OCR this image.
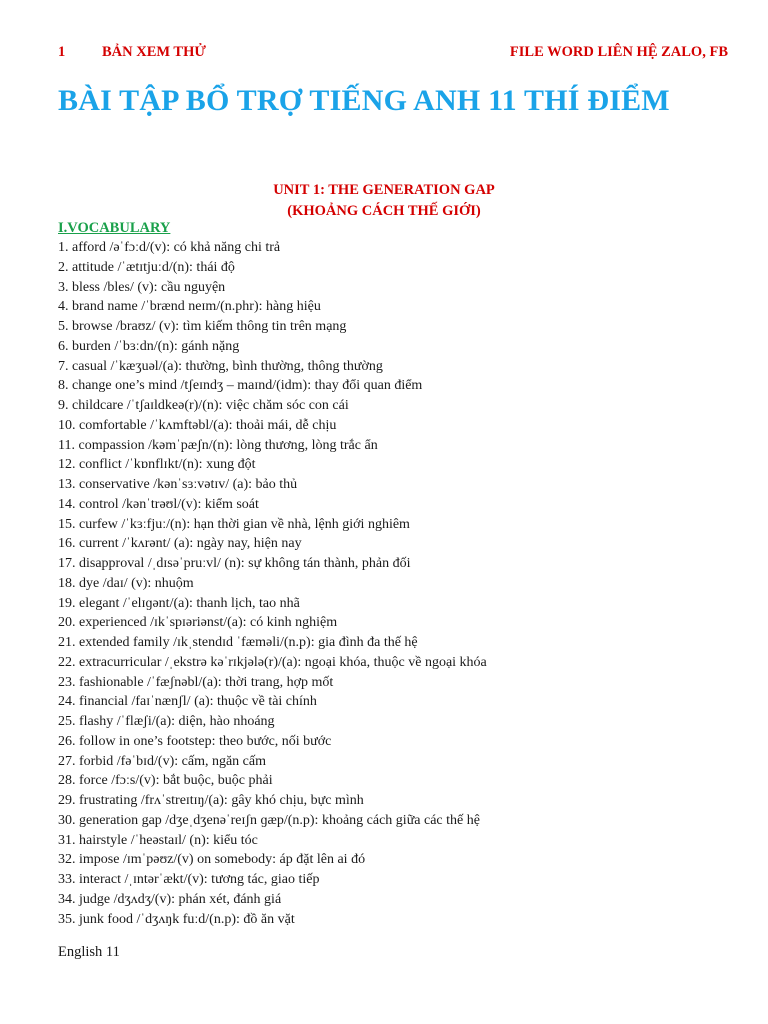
1	BẢN XEM THỬ	FILE WORD LIÊN HỆ ZALO, FB
BÀI TẬP BỔ TRỢ TIẾNG ANH 11 THÍ ĐIỂM
UNIT 1: THE GENERATION GAP
(KHOẢNG CÁCH THẾ GIỚI)
I.VOCABULARY
1. afford /əˈfɔːd/(v): có khả năng chi trả
2. attitude /ˈætɪtjuːd/(n): thái độ
3. bless /bles/ (v): cầu nguyện
4. brand name /ˈbrænd neɪm/(n.phr): hàng hiệu
5. browse /braʊz/ (v): tìm kiếm thông tin trên mạng
6. burden /ˈbɜːdn/(n): gánh nặng
7. casual /ˈkæʒuəl/(a): thường, bình thường, thông thường
8. change one’s mind /tʃeɪndʒ – maɪnd/(idm): thay đổi quan điểm
9. childcare /ˈtʃaɪldkeə(r)/(n): việc chăm sóc con cái
10. comfortable /ˈkʌmftəbl/(a): thoải mái, dễ chịu
11. compassion /kəmˈpæʃn/(n): lòng thương, lòng trắc ẩn
12. conflict /ˈkɒnflɪkt/(n): xung đột
13. conservative /kənˈsɜːvətɪv/ (a): bảo thủ
14. control /kənˈtrəʊl/(v): kiểm soát
15. curfew /ˈkɜːfjuː/(n): hạn thời gian về nhà, lệnh giới nghiêm
16. current /ˈkʌrənt/ (a): ngày nay, hiện nay
17. disapproval /ˌdɪsəˈpruːvl/ (n): sự không tán thành, phản đối
18. dye /daɪ/ (v): nhuộm
19. elegant /ˈelɪɡənt/(a): thanh lịch, tao nhã
20. experienced /ɪkˈspɪəriənst/(a): có kinh nghiệm
21. extended family /ɪkˌstendɪd ˈfæməli/(n.p): gia đình đa thế hệ
22. extracurricular /ˌekstrə kəˈrɪkjələ(r)/(a): ngoại khóa, thuộc về ngoại khóa
23. fashionable /ˈfæʃnəbl/(a): thời trang, hợp mốt
24. financial /faɪˈnænʃl/ (a): thuộc về tài chính
25. flashy /ˈflæʃi/(a): diện, hào nhoáng
26. follow in one’s footstep: theo bước, nối bước
27. forbid /fəˈbɪd/(v): cấm, ngăn cấm
28. force /fɔːs/(v): bắt buộc, buộc phải
29. frustrating /frʌˈstreɪtɪŋ/(a): gây khó chịu, bực mình
30. generation gap /dʒeˌdʒenəˈreɪʃn ɡæp/(n.p): khoảng cách giữa các thế hệ
31. hairstyle /ˈheəstaɪl/ (n): kiểu tóc
32. impose /ɪmˈpəʊz/(v) on somebody: áp đặt lên ai đó
33. interact /ˌɪntərˈækt/(v): tương tác, giao tiếp
34. judge /dʒʌdʒ/(v): phán xét, đánh giá
35. junk food /ˈdʒʌŋk fuːd/(n.p): đồ ăn vặt
English 11
